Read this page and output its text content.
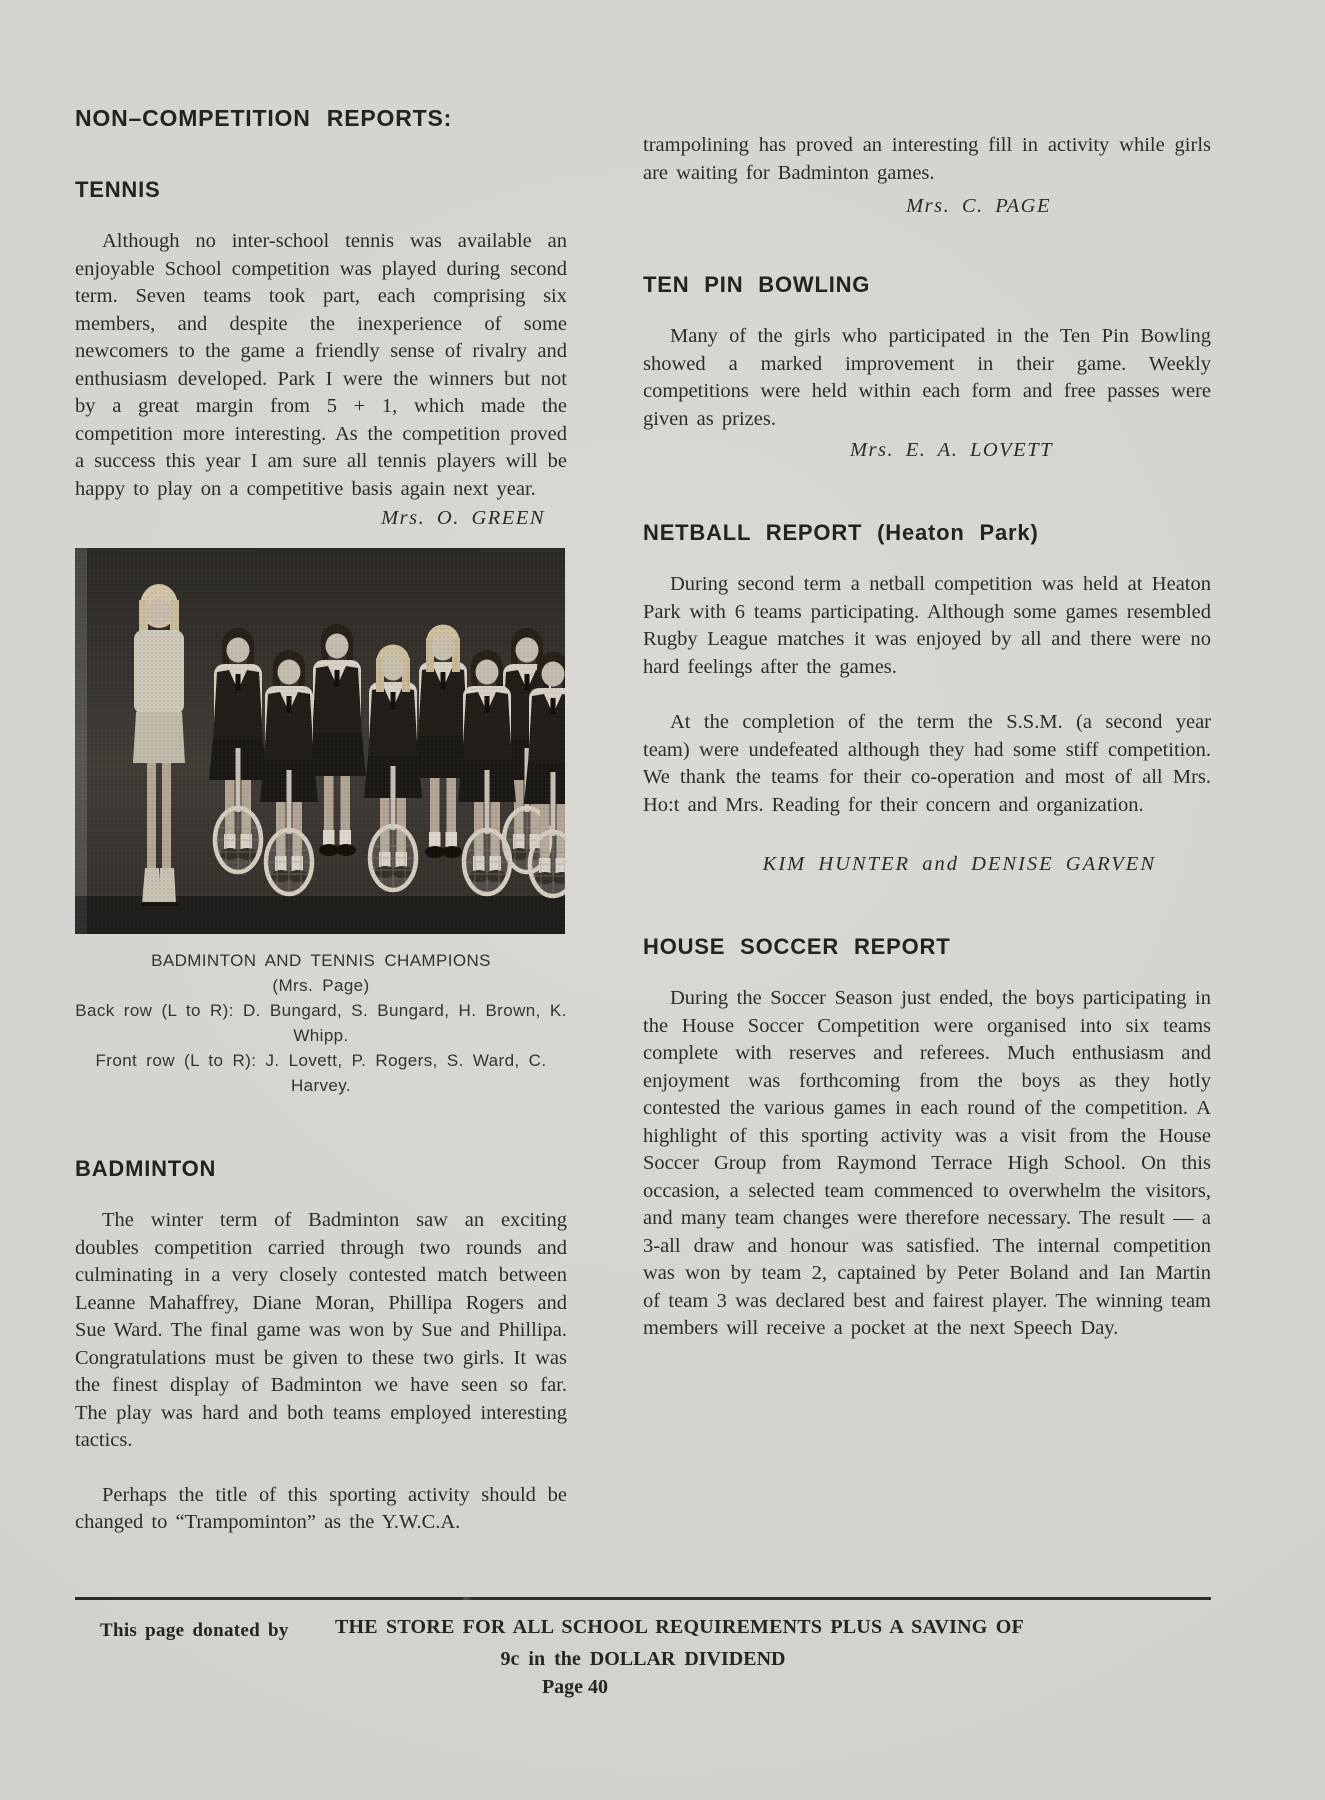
NON–COMPETITION REPORTS:
TENNIS

Although no inter-school tennis was available an enjoyable School competition was played during second term. Seven teams took part, each comprising six members, and despite the inexperience of some newcomers to the game a friendly sense of rivalry and enthusiasm developed. Park I were the winners but not by a great margin from 5 + 1, which made the competition more interesting. As the competition proved a success this year I am sure all tennis players will be happy to play on a competitive basis again next year.

Mrs. O. GREEN

BADMINTON AND TENNIS CHAMPIONS

(Mrs. Page)

Back row (L to R): D. Bungard, S. Bungard, H. Brown, K. Whipp.

Front row (L to R): J. Lovett, P. Rogers, S. Ward, C. Harvey.

BADMINTON

The winter term of Badminton saw an exciting doubles competition carried through two rounds and culminating in a very closely contested match between Leanne Mahaffrey, Diane Moran, Phillipa Rogers and Sue Ward. The final game was won by Sue and Phillipa. Congratulations must be given to these two girls. It was the finest display of Badminton we have seen so far. The play was hard and both teams employed interesting tactics.

Perhaps the title of this sporting activity should be changed to “Trampominton” as the Y.W.C.A.

trampolining has proved an interesting fill in activity while girls are waiting for Badminton games.

Mrs. C. PAGE

TEN PIN BOWLING

Many of the girls who participated in the Ten Pin Bowling showed a marked improvement in their game. Weekly competitions were held within each form and free passes were given as prizes.

Mrs. E. A. LOVETT

NETBALL REPORT (Heaton Park)

During second term a netball competition was held at Heaton Park with 6 teams participating. Although some games resembled Rugby League matches it was enjoyed by all and there were no hard feelings after the games.

At the completion of the term the S.S.M. (a second year team) were undefeated although they had some stiff competition. We thank the teams for their co-operation and most of all Mrs. Ho:t and Mrs. Reading for their concern and organization.

KIM HUNTER and DENISE GARVEN

HOUSE SOCCER REPORT

During the Soccer Season just ended, the boys participating in the House Soccer Competition were organised into six teams complete with reserves and referees. Much enthusiasm and enjoyment was forthcoming from the boys as they hotly contested the various games in each round of the competition. A highlight of this sporting activity was a visit from the House Soccer Group from Raymond Terrace High School. On this occasion, a selected team commenced to overwhelm the visitors, and many team changes were therefore necessary. The result — a 3-all draw and honour was satisfied. The internal competition was won by team 2, captained by Peter Boland and Ian Martin of team 3 was declared best and fairest player. The winning team members will receive a pocket at the next Speech Day.

This page donated by THE STORE FOR ALL SCHOOL REQUIREMENTS PLUS A SAVING OF
9c in the DOLLAR DIVIDEND
Page 40
